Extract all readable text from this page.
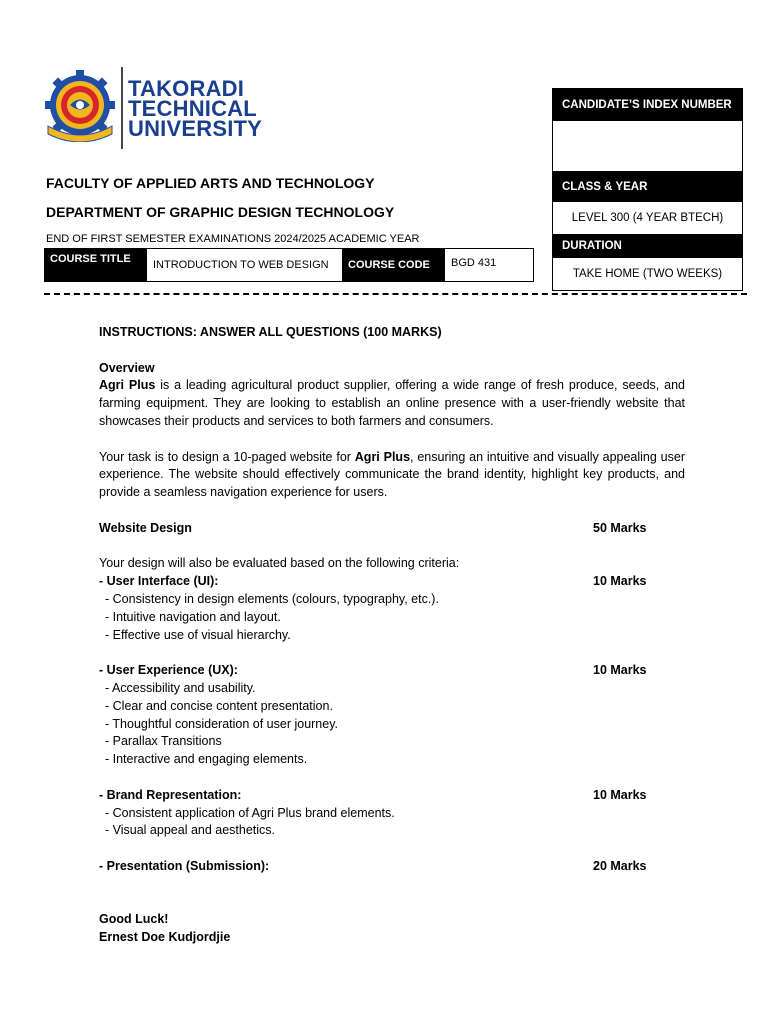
TAKORADI
TECHNICAL
UNIVERSITY
FACULTY OF APPLIED ARTS AND TECHNOLOGY
DEPARTMENT OF GRAPHIC DESIGN TECHNOLOGY
END OF FIRST SEMESTER EXAMINATIONS 2024/2025 ACADEMIC YEAR
COURSE TITLE	INTRODUCTION TO WEB DESIGN	COURSE CODE	BGD 431
CANDIDATE’S INDEX NUMBER
CLASS & YEAR
LEVEL 300 (4 YEAR BTECH)
DURATION
TAKE HOME (TWO WEEKS)

INSTRUCTIONS: ANSWER ALL QUESTIONS (100 MARKS)

Overview

Agri Plus is a leading agricultural product supplier, offering a wide range of fresh produce, seeds, and farming equipment. They are looking to establish an online presence with a user-friendly website that showcases their products and services to both farmers and consumers.

Your task is to design a 10-paged website for Agri Plus, ensuring an intuitive and visually appealing user experience. The website should effectively communicate the brand identity, highlight key products, and provide a seamless navigation experience for users.

Website Design	50 Marks

Your design will also be evaluated based on the following criteria:

- User Interface (UI):	10 Marks
- Consistency in design elements (colours, typography, etc.).
- Intuitive navigation and layout.
- Effective use of visual hierarchy.
- User Experience (UX):	10 Marks
- Accessibility and usability.
- Clear and concise content presentation.
- Thoughtful consideration of user journey.
- Parallax Transitions
- Interactive and engaging elements.
- Brand Representation:	10 Marks
- Consistent application of Agri Plus brand elements.
- Visual appeal and aesthetics.
- Presentation (Submission):	20 Marks

Good Luck!

Ernest Doe Kudjordjie
